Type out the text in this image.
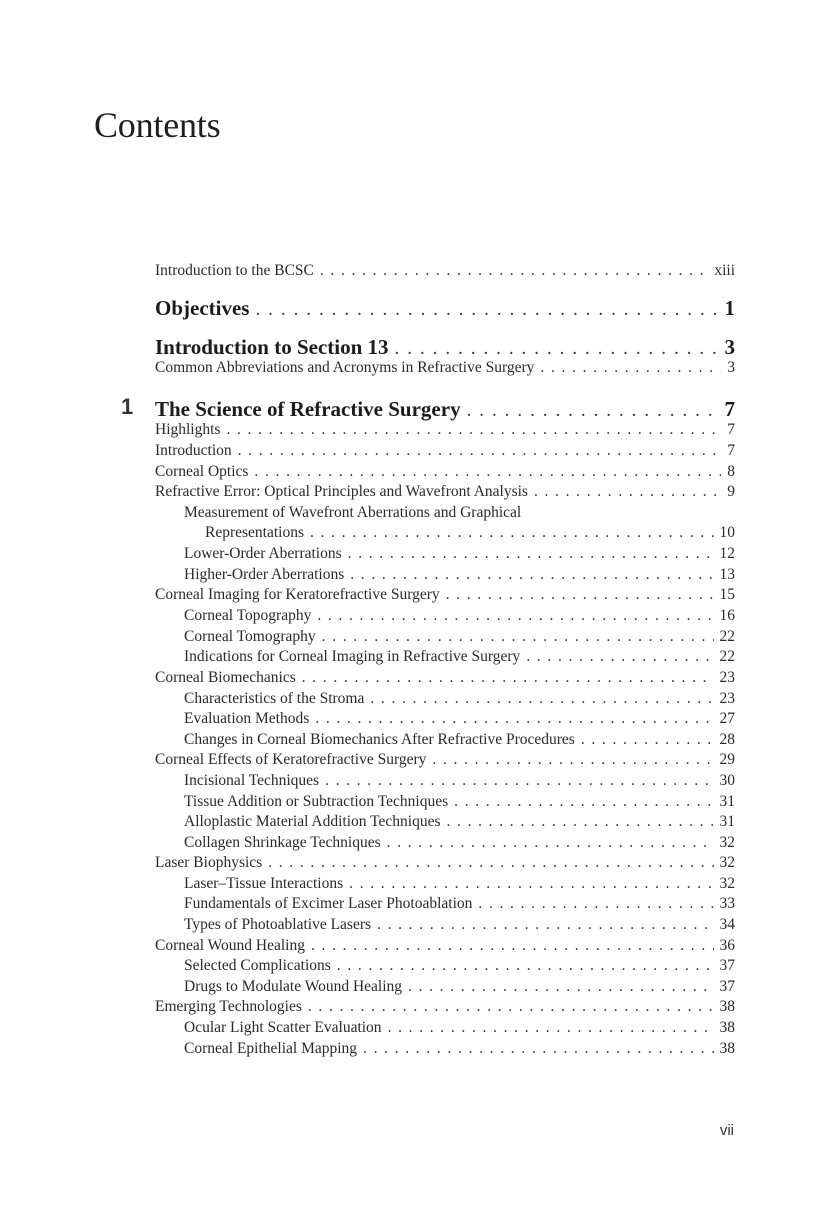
Contents
Introduction to the BCSC . .	xiii
Objectives . .	1
Introduction to Section 13 . .	3
Common Abbreviations and Acronyms in Refractive Surgery . .	3
The Science of Refractive Surgery . .	7
Highlights . .	7
Introduction . .	7
Corneal Optics . .	8
Refractive Error: Optical Principles and Wavefront Analysis . .	9
Measurement of Wavefront Aberrations and Graphical
Representations . .	10
Lower-Order Aberrations . .	12
Higher-Order Aberrations . .	13
Corneal Imaging for Keratorefractive Surgery . .	15
Corneal Topography . .	16
Corneal Tomography . .	22
Indications for Corneal Imaging in Refractive Surgery . .	22
Corneal Biomechanics . .	23
Characteristics of the Stroma . .	23
Evaluation Methods . .	27
Changes in Corneal Biomechanics After Refractive Procedures . .	28
Corneal Effects of Keratorefractive Surgery . .	29
Incisional Techniques . .	30
Tissue Addition or Subtraction Techniques . .	31
Alloplastic Material Addition Techniques . .	31
Collagen Shrinkage Techniques . .	32
Laser Biophysics . .	32
Laser–Tissue Interactions . .	32
Fundamentals of Excimer Laser Photoablation . .	33
Types of Photoablative Lasers . .	34
Corneal Wound Healing . .	36
Selected Complications . .	37
Drugs to Modulate Wound Healing . .	37
Emerging Technologies . .	38
Ocular Light Scatter Evaluation . .	38
Corneal Epithelial Mapping . .	38
1
vii
